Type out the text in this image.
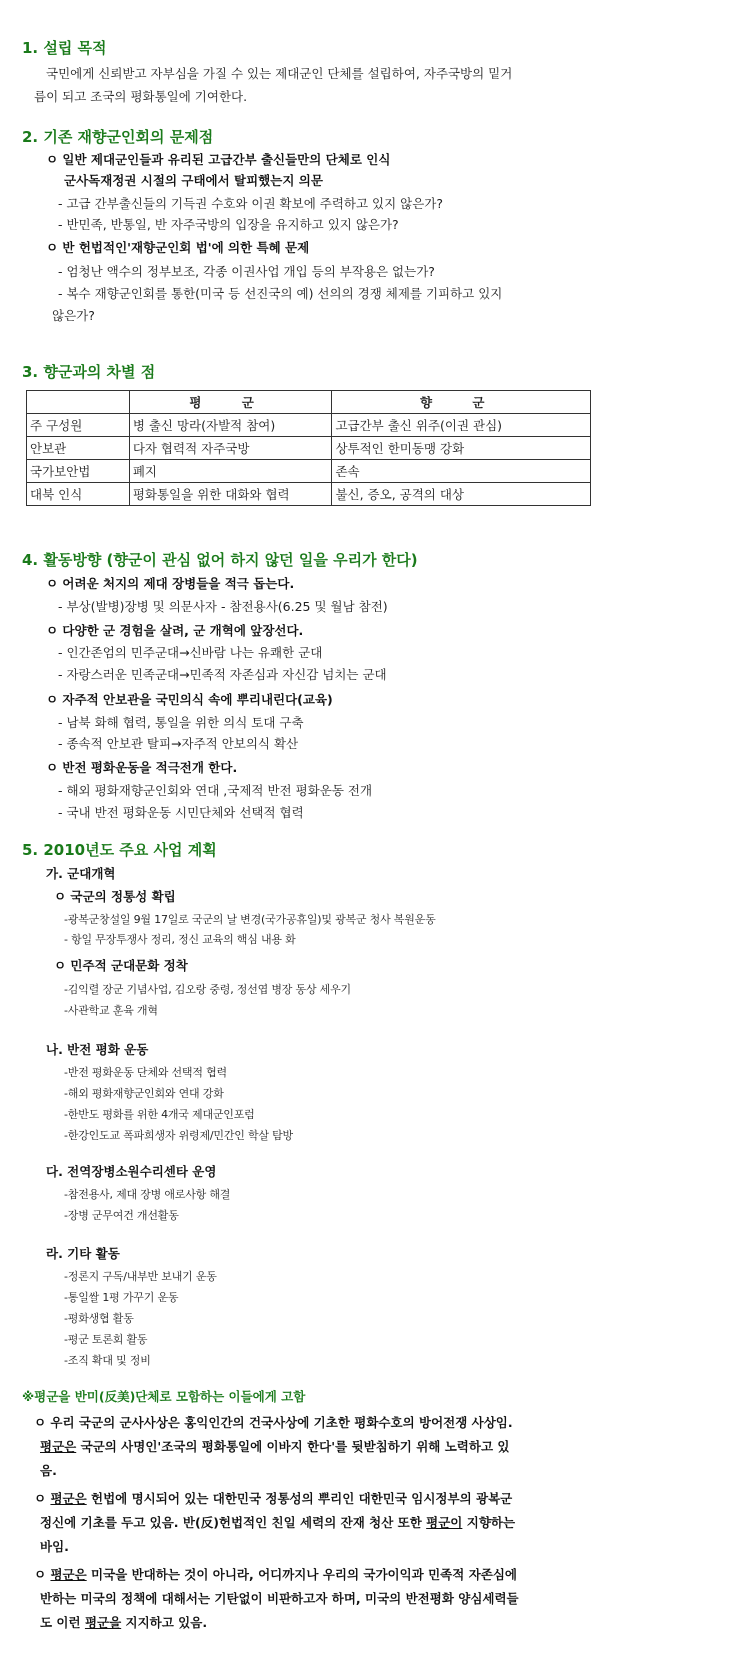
1. 설립 목적
국민에게 신뢰받고 자부심을 가질 수 있는 제대군인 단체를 설립하여, 자주국방의 밑거
름이 되고 조국의 평화통일에 기여한다.
2. 기존 재향군인회의 문제점
ㅇ 일반 제대군인들과 유리된 고급간부 출신들만의 단체로 인식
군사독재정권 시절의 구태에서 탈피했는지 의문
- 고급 간부출신들의 기득권 수호와 이권 확보에 주력하고 있지 않은가?
- 반민족, 반통일, 반 자주국방의 입장을 유지하고 있지 않은가?
ㅇ 반 헌법적인'재향군인회 법'에 의한 특혜 문제
- 엄청난 액수의 정부보조, 각종 이권사업 개입 등의 부작용은 없는가?
- 복수 재향군인회를 통한(미국 등 선진국의 예) 선의의 경쟁 체제를 기피하고 있지
않은가?
3. 향군과의 차별 점
	평 군	향 군
주 구성원	병 출신 망라(자발적 참여)	고급간부 출신 위주(이권 관심)
안보관	다자 협력적 자주국방	상투적인 한미동맹 강화
국가보안법	폐지	존속
대북 인식	평화통일을 위한 대화와 협력	불신, 증오, 공격의 대상
4. 활동방향 (향군이 관심 없어 하지 않던 일을 우리가 한다)
ㅇ 어려운 처지의 제대 장병들을 적극 돕는다.
- 부상(발병)장병 및 의문사자 - 참전용사(6.25 및 월남 참전)
ㅇ 다양한 군 경험을 살려, 군 개혁에 앞장선다.
- 인간존엄의 민주군대→신바람 나는 유쾌한 군대
- 자랑스러운 민족군대→민족적 자존심과 자신감 넘치는 군대
ㅇ 자주적 안보관을 국민의식 속에 뿌리내린다(교육)
- 남북 화해 협력, 통일을 위한 의식 토대 구축
- 종속적 안보관 탈피→자주적 안보의식 확산
ㅇ 반전 평화운동을 적극전개 한다.
- 해외 평화재향군인회와 연대 ,국제적 반전 평화운동 전개
- 국내 반전 평화운동 시민단체와 선택적 협력
5. 2010년도 주요 사업 계획
가. 군대개혁
ㅇ 국군의 정통성 확립
-광복군창설일 9월 17일로 국군의 날 변경(국가공휴일)및 광복군 청사 복원운동
- 항일 무장투쟁사 정리, 정신 교육의 핵심 내용 화
ㅇ 민주적 군대문화 정착
-김익렬 장군 기념사업, 김오랑 중령, 정선엽 병장 동상 세우기
-사관학교 훈육 개혁
나. 반전 평화 운동
-반전 평화운동 단체와 선택적 협력
-해외 평화재향군인회와 연대 강화
-한반도 평화를 위한 4개국 제대군인포럼
-한강인도교 폭파희생자 위령제/민간인 학살 탐방
다. 전역장병소원수리센타 운영
-참전용사, 제대 장병 애로사항 해결
-장병 군무여건 개선활동
라. 기타 활동
-정론지 구독/내부반 보내기 운동
-통일쌀 1평 가꾸기 운동
-평화생협 활동
-평군 토론회 활동
-조직 확대 및 정비
※평군을 반미(反美)단체로 모함하는 이들에게 고함
ㅇ 우리 국군의 군사사상은 홍익인간의 건국사상에 기초한 평화수호의 방어전쟁 사상임.
평군은 국군의 사명인'조국의 평화통일에 이바지 한다'를 뒷받침하기 위해 노력하고 있
음.
ㅇ 평군은 헌법에 명시되어 있는 대한민국 정통성의 뿌리인 대한민국 임시정부의 광복군
정신에 기초를 두고 있음. 반(反)헌법적인 친일 세력의 잔재 청산 또한 평군이 지향하는
바임.
ㅇ 평군은 미국을 반대하는 것이 아니라, 어디까지나 우리의 국가이익과 민족적 자존심에
반하는 미국의 정책에 대해서는 기탄없이 비판하고자 하며, 미국의 반전평화 양심세력들
도 이런 평군을 지지하고 있음.
